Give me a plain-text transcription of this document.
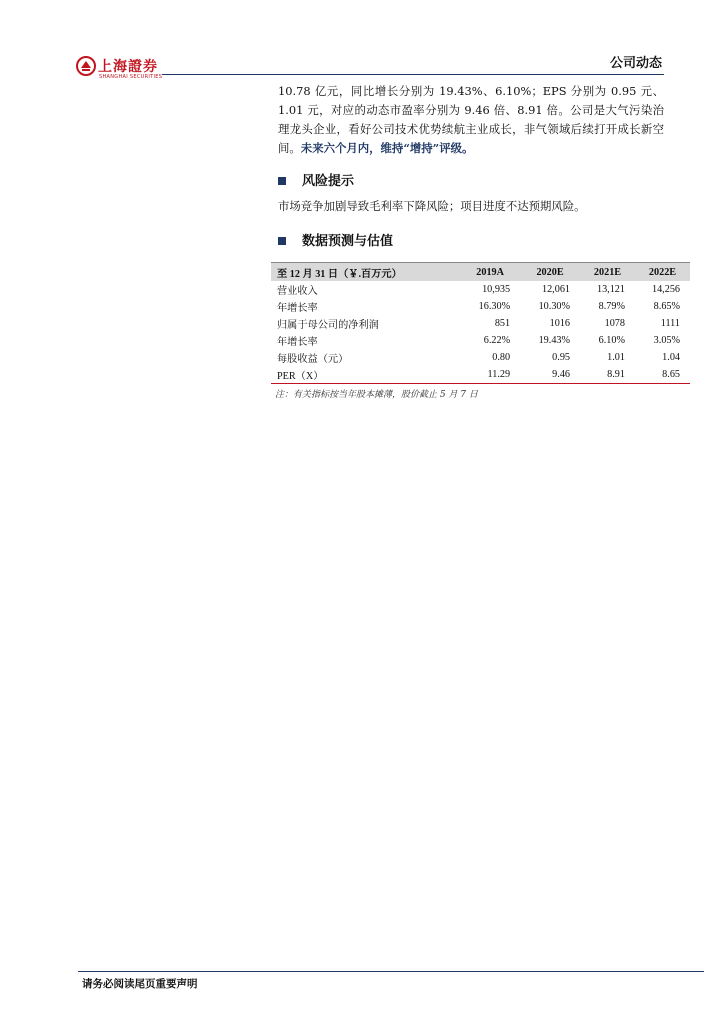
上海證券
SHANGHAI SECURITIES
公司动态
10.78 亿元，同比增长分别为 19.43%、6.10%；EPS 分别为 0.95 元、1.01 元，对应的动态市盈率分别为 9.46 倍、8.91 倍。公司是大气污染治理龙头企业，看好公司技术优势续航主业成长，非气领域后续打开成长新空间。未来六个月内，维持“增持”评级。
风险提示
市场竞争加剧导致毛利率下降风险；项目进度不达预期风险。
数据预测与估值
至 12 月 31 日（￥.百万元）	2019A	2020E	2021E	2022E
营业收入	10,935	12,061	13,121	14,256
年增长率	16.30%	10.30%	8.79%	8.65%
归属于母公司的净利润	851	1016	1078	1111
年增长率	6.22%	19.43%	6.10%	3.05%
每股收益（元）	0.80	0.95	1.01	1.04
PER（X）	11.29	9.46	8.91	8.65
注：有关指标按当年股本摊薄，股价截止 5 月 7 日
请务必阅读尾页重要声明
